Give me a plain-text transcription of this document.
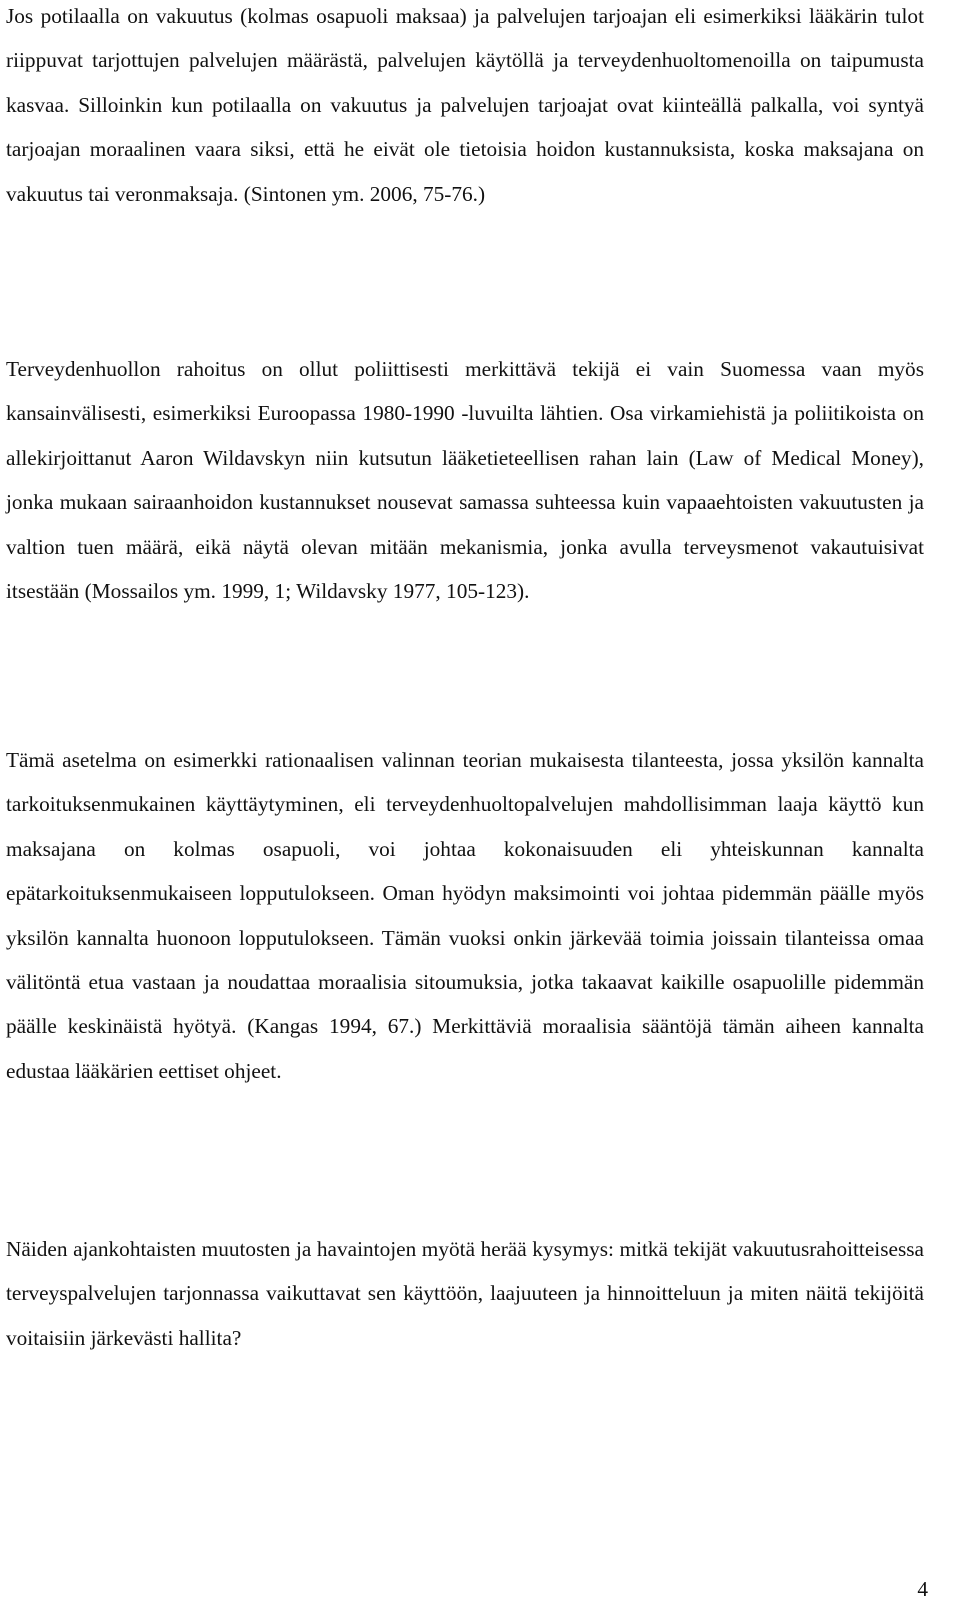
Jos potilaalla on vakuutus (kolmas osapuoli maksaa) ja palvelujen tarjoajan eli esimerkiksi lääkärin tulot riippuvat tarjottujen palvelujen määrästä, palvelujen käytöllä ja terveydenhuoltomenoilla on taipumusta kasvaa. Silloinkin kun potilaalla on vakuutus ja palvelujen tarjoajat ovat kiinteällä palkalla, voi syntyä tarjoajan moraalinen vaara siksi, että he eivät ole tietoisia hoidon kustannuksista, koska maksajana on vakuutus tai veronmaksaja. (Sintonen ym. 2006, 75-76.)

Terveydenhuollon rahoitus on ollut poliittisesti merkittävä tekijä ei vain Suomessa vaan myös kansainvälisesti, esimerkiksi Euroopassa 1980-1990 -luvuilta lähtien. Osa virkamiehistä ja poliitikoista on allekirjoittanut Aaron Wildavskyn niin kutsutun lääketieteellisen rahan lain (Law of Medical Money), jonka mukaan sairaanhoidon kustannukset nousevat samassa suhteessa kuin vapaaehtoisten vakuutusten ja valtion tuen määrä, eikä näytä olevan mitään mekanismia, jonka avulla terveysmenot vakautuisivat itsestään (Mossailos ym. 1999, 1; Wildavsky 1977, 105-123).

Tämä asetelma on esimerkki rationaalisen valinnan teorian mukaisesta tilanteesta, jossa yksilön kannalta tarkoituksenmukainen käyttäytyminen, eli terveydenhuoltopalvelujen mahdollisimman laaja käyttö kun maksajana on kolmas osapuoli, voi johtaa kokonaisuuden eli yhteiskunnan kannalta epätarkoituksenmukaiseen lopputulokseen. Oman hyödyn maksimointi voi johtaa pidemmän päälle myös yksilön kannalta huonoon lopputulokseen. Tämän vuoksi onkin järkevää toimia joissain tilanteissa omaa välitöntä etua vastaan ja noudattaa moraalisia sitoumuksia, jotka takaavat kaikille osapuolille pidemmän päälle keskinäistä hyötyä. (Kangas 1994, 67.) Merkittäviä moraalisia sääntöjä tämän aiheen kannalta edustaa lääkärien eettiset ohjeet.

Näiden ajankohtaisten muutosten ja havaintojen myötä herää kysymys: mitkä tekijät vakuutusrahoitteisessa terveyspalvelujen tarjonnassa vaikuttavat sen käyttöön, laajuuteen ja hinnoitteluun ja miten näitä tekijöitä voitaisiin järkevästi hallita?

4
